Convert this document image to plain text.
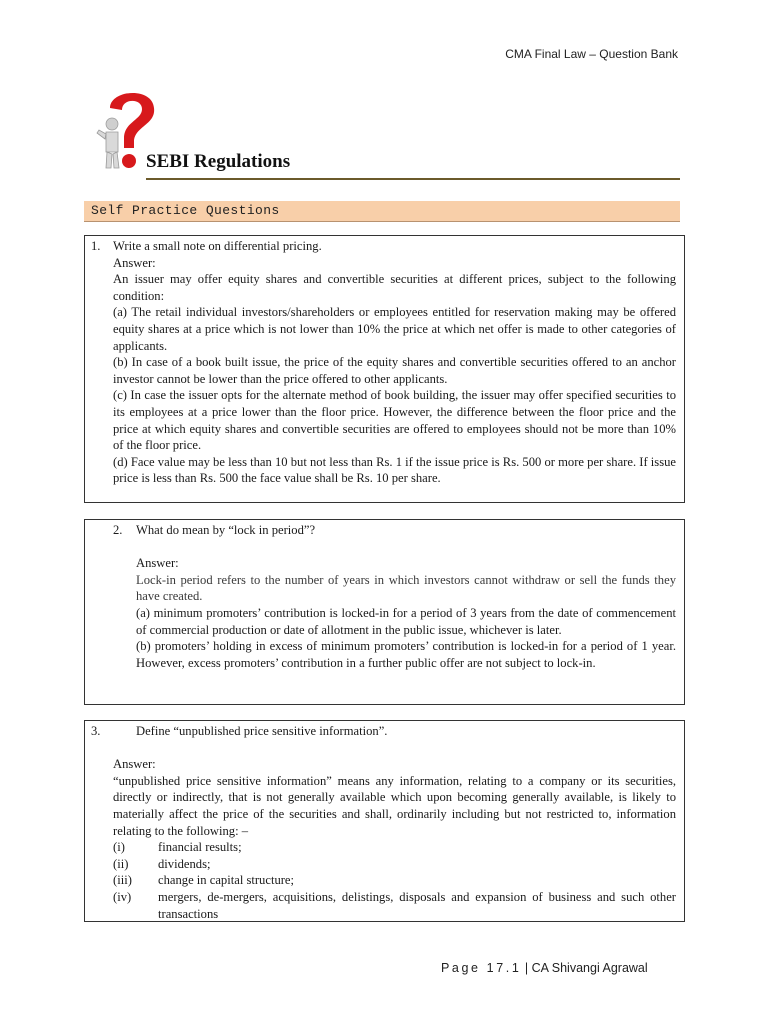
CMA Final Law – Question Bank
SEBI Regulations
Self Practice Questions
1. Write a small note on differential pricing.

Answer:

An issuer may offer equity shares and convertible securities at different prices, subject to the following condition:

(a) The retail individual investors/shareholders or employees entitled for reservation making may be offered equity shares at a price which is not lower than 10% the price at which net offer is made to other categories of applicants.

(b) In case of a book built issue, the price of the equity shares and convertible securities offered to an anchor investor cannot be lower than the price offered to other applicants.

(c) In case the issuer opts for the alternate method of book building, the issuer may offer specified securities to its employees at a price lower than the floor price. However, the difference between the floor price and the price at which equity shares and convertible securities are offered to employees should not be more than 10% of the floor price.

(d) Face value may be less than 10 but not less than Rs. 1 if the issue price is Rs. 500 or more per share. If issue price is less than Rs. 500 the face value shall be Rs. 10 per share.

2. What do mean by “lock in period”?

Answer:

Lock-in period refers to the number of years in which investors cannot withdraw or sell the funds they have created.

(a) minimum promoters’ contribution is locked-in for a period of 3 years from the date of commencement of commercial production or date of allotment in the public issue, whichever is later.

(b) promoters’ holding in excess of minimum promoters’ contribution is locked-in for a period of 1 year. However, excess promoters’ contribution in a further public offer are not subject to lock-in.

3.	Define “unpublished price sensitive information”.

Answer:

“unpublished price sensitive information” means any information, relating to a company or its securities, directly or indirectly, that is not generally available which upon becoming generally available, is likely to materially affect the price of the securities and shall, ordinarily including but not restricted to, information relating to the following: –

(i)	financial results;
(ii)	dividends;
(iii)	change in capital structure;
(iv)	mergers, de-mergers, acquisitions, delistings, disposals and expansion of business and such other transactions
Page 17.1 | CA Shivangi Agrawal
